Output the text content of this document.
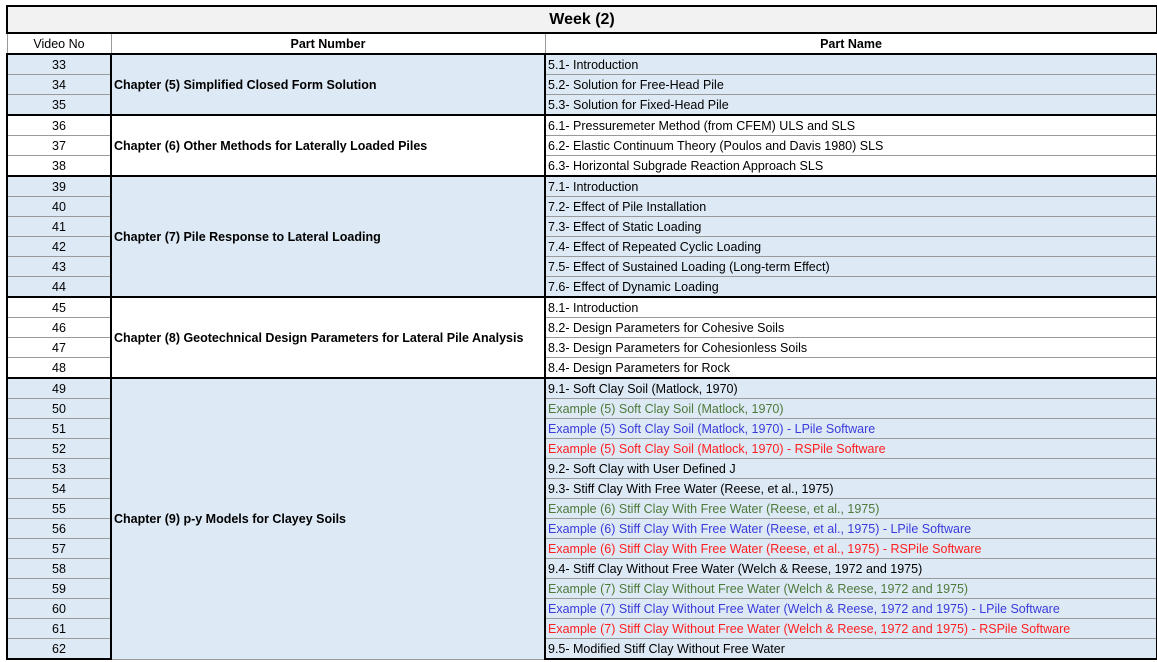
Week (2)		
Video No	Part Number	Part Name
33	Chapter (5) Simplified Closed Form Solution	5.1- Introduction
34		5.2- Solution for Free-Head Pile
35		5.3- Solution for Fixed-Head Pile
36	Chapter (6) Other Methods for Laterally Loaded Piles	6.1- Pressuremeter Method (from CFEM) ULS and SLS
37		6.2- Elastic Continuum Theory (Poulos and Davis 1980) SLS
38		6.3- Horizontal Subgrade Reaction Approach SLS
39	Chapter (7) Pile Response to Lateral Loading	7.1- Introduction
40		7.2- Effect of Pile Installation
41		7.3- Effect of Static Loading
42		7.4- Effect of Repeated Cyclic Loading
43		7.5- Effect of Sustained Loading (Long-term Effect)
44		7.6- Effect of Dynamic Loading
45	Chapter (8) Geotechnical Design Parameters for Lateral Pile Analysis	8.1- Introduction
46		8.2- Design Parameters for Cohesive Soils
47		8.3- Design Parameters for Cohesionless Soils
48		8.4- Design Parameters for Rock
49	Chapter (9) p-y Models for Clayey Soils	9.1- Soft Clay Soil (Matlock, 1970)
50		Example (5) Soft Clay Soil (Matlock, 1970)
51		Example (5) Soft Clay Soil (Matlock, 1970) - LPile Software
52		Example (5) Soft Clay Soil (Matlock, 1970) - RSPile Software
53		9.2- Soft Clay with User Defined J
54		9.3- Stiff Clay With Free Water (Reese, et al., 1975)
55		Example (6) Stiff Clay With Free Water (Reese, et al., 1975)
56		Example (6) Stiff Clay With Free Water (Reese, et al., 1975) - LPile Software
57		Example (6) Stiff Clay With Free Water (Reese, et al., 1975) - RSPile Software
58		9.4- Stiff Clay Without Free Water (Welch & Reese, 1972 and 1975)
59		Example (7) Stiff Clay Without Free Water (Welch & Reese, 1972 and 1975)
60		Example (7) Stiff Clay Without Free Water (Welch & Reese, 1972 and 1975) - LPile Software
61		Example (7) Stiff Clay Without Free Water (Welch & Reese, 1972 and 1975) - RSPile Software
62		9.5- Modified Stiff Clay Without Free Water
